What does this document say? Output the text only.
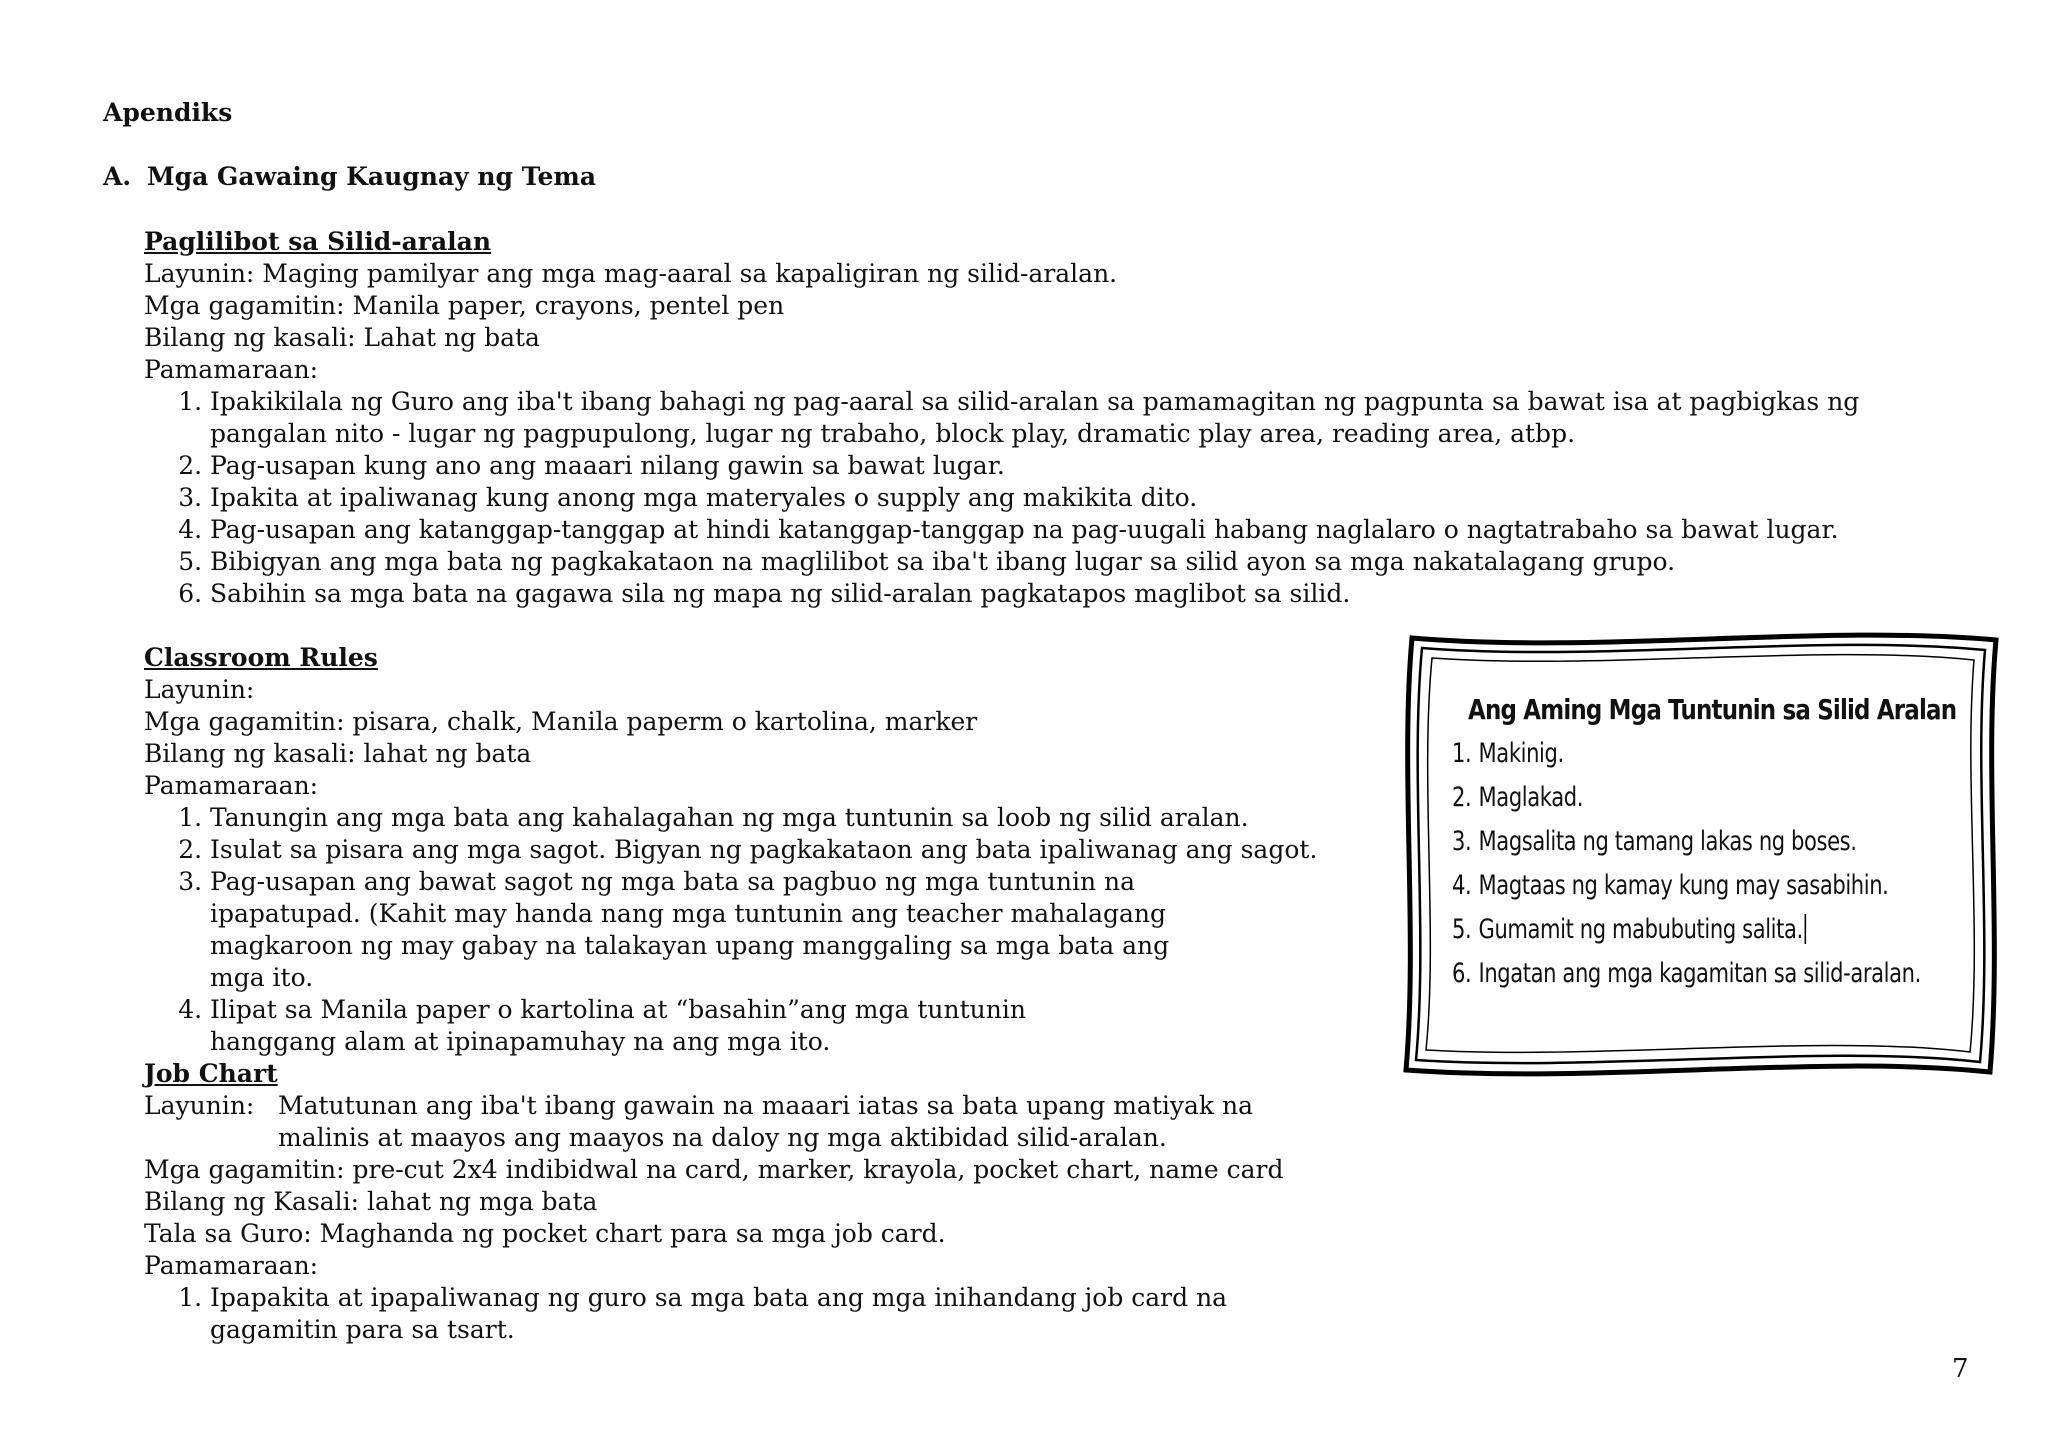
Apendiks
A. Mga Gawaing Kaugnay ng Tema
Paglilibot sa Silid-aralan
Layunin: Maging pamilyar ang mga mag-aaral sa kapaligiran ng silid-aralan.
Mga gagamitin: Manila paper, crayons, pentel pen
Bilang ng kasali: Lahat ng bata
Pamamaraan:
1. Ipakikilala ng Guro ang iba't ibang bahagi ng pag-aaral sa silid-aralan sa pamamagitan ng pagpunta sa bawat isa at pagbigkas ng pangalan nito - lugar ng pagpupulong, lugar ng trabaho, block play, dramatic play area, reading area, atbp.
2. Pag-usapan kung ano ang maaari nilang gawin sa bawat lugar.
3. Ipakita at ipaliwanag kung anong mga materyales o supply ang makikita dito.
4. Pag-usapan ang katanggap-tanggap at hindi katanggap-tanggap na pag-uugali habang naglalaro o nagtatrabaho sa bawat lugar.
5. Bibigyan ang mga bata ng pagkakataon na maglilibot sa iba't ibang lugar sa silid ayon sa mga nakatalagang grupo.
6. Sabihin sa mga bata na gagawa sila ng mapa ng silid-aralan pagkatapos maglibot sa silid.
Classroom Rules
Layunin:
Mga gagamitin: pisara, chalk, Manila paperm o kartolina, marker
Bilang ng kasali: lahat ng bata
Pamamaraan:
1. Tanungin ang mga bata ang kahalagahan ng mga tuntunin sa loob ng silid aralan.
2. Isulat sa pisara ang mga sagot. Bigyan ng pagkakataon ang bata ipaliwanag ang sagot.
3. Pag-usapan ang bawat sagot ng mga bata sa pagbuo ng mga tuntunin na ipapatupad. (Kahit may handa nang mga tuntunin ang teacher mahalagang magkaroon ng may gabay na talakayan upang manggaling sa mga bata ang mga ito.
4. Ilipat sa Manila paper o kartolina at “basahin”ang mga tuntunin hanggang alam at ipinapamuhay na ang mga ito.
Job Chart
Layunin: Matutunan ang iba't ibang gawain na maaari iatas sa bata upang matiyak na malinis at maayos ang maayos na daloy ng mga aktibidad silid-aralan.
Mga gagamitin: pre-cut 2x4 indibidwal na card, marker, krayola, pocket chart, name card
Bilang ng Kasali: lahat ng mga bata
Tala sa Guro: Maghanda ng pocket chart para sa mga job card.
Pamamaraan:
1. Ipapakita at ipapaliwanag ng guro sa mga bata ang mga inihandang job card na gagamitin para sa tsart.
Ang Aming Mga Tuntunin sa Silid Aralan
1. Makinig.
2. Maglakad.
3. Magsalita ng tamang lakas ng boses.
4. Magtaas ng kamay kung may sasabihin.
5. Gumamit ng mabubuting salita.
6. Ingatan ang mga kagamitan sa silid-aralan.
7
